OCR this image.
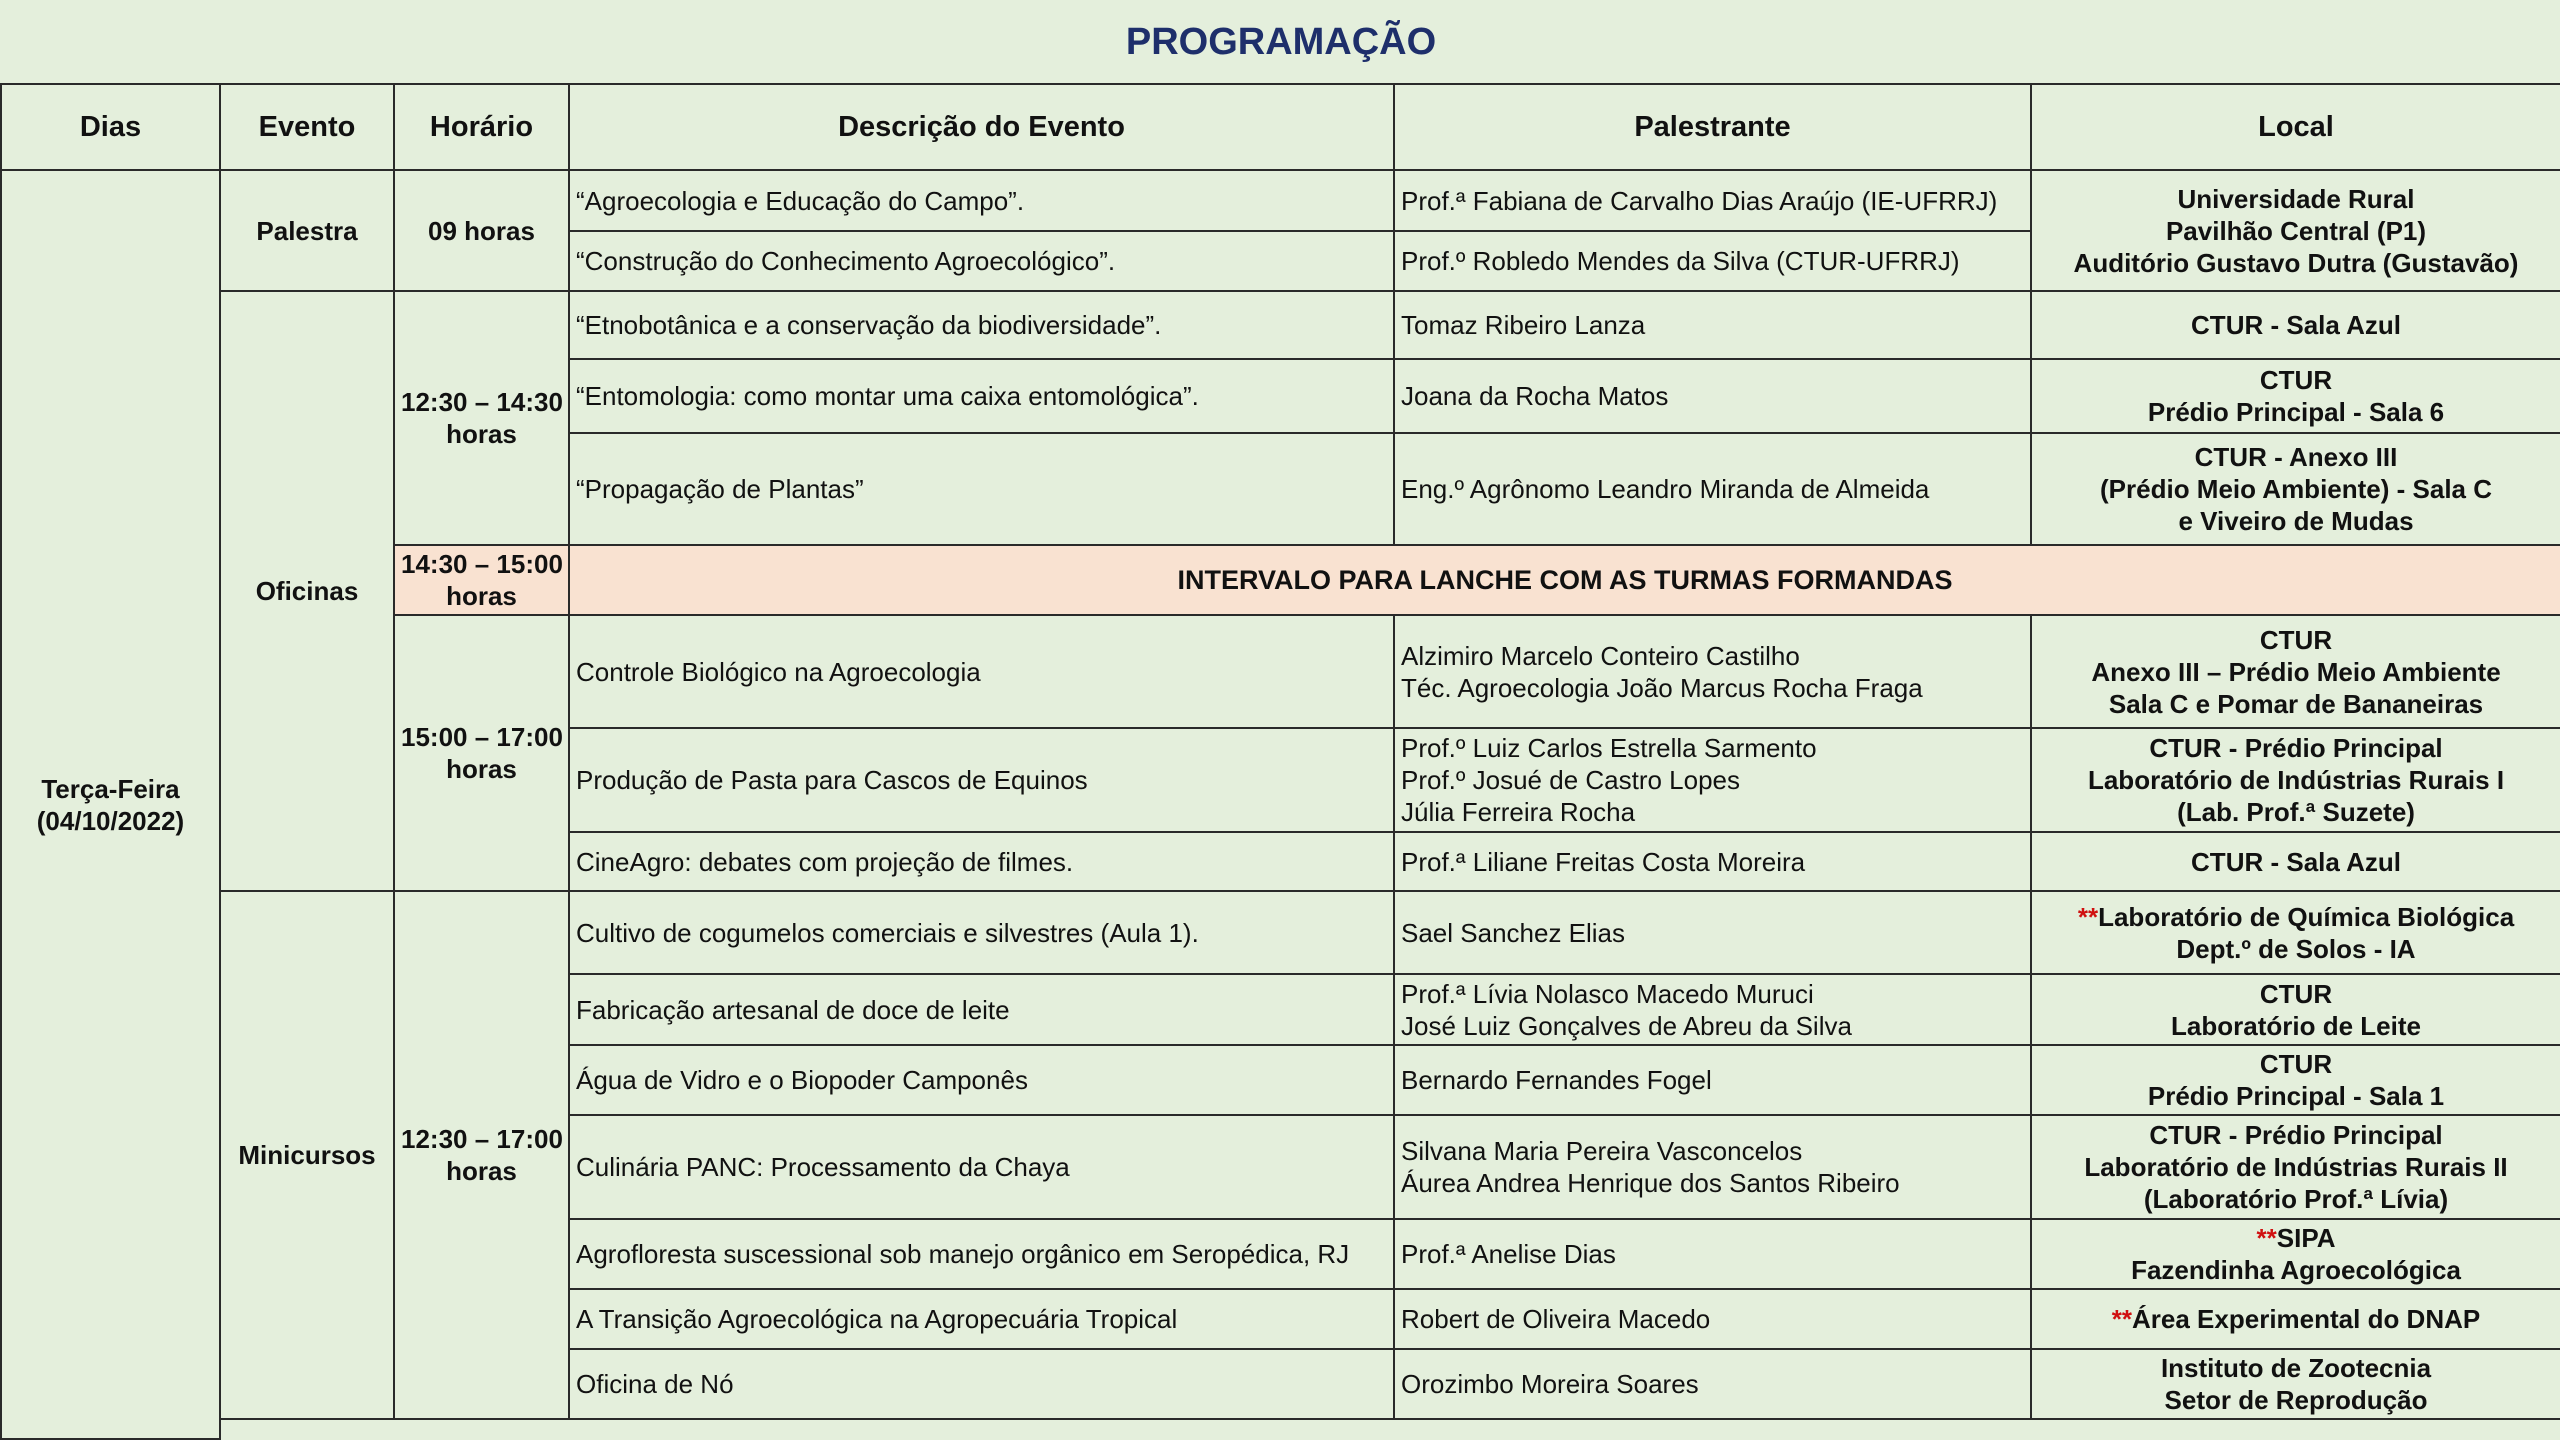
PROGRAMAÇÃO					
Dias	Evento	Horário	Descrição do Evento	Palestrante	Local

Terça-Feira
(04/10/2022)	Palestra	09 horas	“Agroecologia e Educação do Campo”.	Prof.ª Fabiana de Carvalho Dias Araújo (IE-UFRRJ)	Universidade Rural
Pavilhão Central (P1)
Auditório Gustavo Dutra (Gustavão)

			“Construção do Conhecimento Agroecológico”.	Prof.º Robledo Mendes da Silva (CTUR-UFRRJ)	

	Oficinas	12:30 – 14:30
horas	“Etnobotânica e a conservação da biodiversidade”.	Tomaz Ribeiro Lanza	CTUR - Sala Azul

			“Entomologia: como montar uma caixa entomológica”.	Joana da Rocha Matos	CTUR
Prédio Principal - Sala 6

			“Propagação de Plantas”	Eng.º Agrônomo Leandro Miranda de Almeida	CTUR - Anexo III
(Prédio Meio Ambiente) - Sala C
e Viveiro de Mudas

		14:30 – 15:00
horas	INTERVALO PARA LANCHE COM AS TURMAS FORMANDAS		

		15:00 – 17:00
horas	Controle Biológico na Agroecologia	Alzimiro Marcelo Conteiro Castilho
Téc. Agroecologia João Marcus Rocha Fraga	CTUR
Anexo III – Prédio Meio Ambiente
Sala C e Pomar de Bananeiras

			Produção de Pasta para Cascos de Equinos	Prof.º Luiz Carlos Estrella Sarmento
Prof.º Josué de Castro Lopes
Júlia Ferreira Rocha	CTUR - Prédio Principal
Laboratório de Indústrias Rurais I
(Lab. Prof.ª Suzete)

			CineAgro: debates com projeção de filmes.	Prof.ª Liliane Freitas Costa Moreira	CTUR - Sala Azul

	Minicursos	12:30 – 17:00
horas	Cultivo de cogumelos comerciais e silvestres (Aula 1).	Sael Sanchez Elias	**Laboratório de Química Biológica
Dept.º de Solos - IA

			Fabricação artesanal de doce de leite	Prof.ª Lívia Nolasco Macedo Muruci
José Luiz Gonçalves de Abreu da Silva	CTUR
Laboratório de Leite

			Água de Vidro e o Biopoder Camponês	Bernardo Fernandes Fogel	CTUR
Prédio Principal - Sala 1

			Culinária PANC: Processamento da Chaya	Silvana Maria Pereira Vasconcelos
Áurea Andrea Henrique dos Santos Ribeiro	CTUR - Prédio Principal
Laboratório de Indústrias Rurais II
(Laboratório Prof.ª Lívia)

			Agrofloresta suscessional sob manejo orgânico em Seropédica, RJ	Prof.ª Anelise Dias	**SIPA
Fazendinha Agroecológica

			A Transição Agroecológica na Agropecuária Tropical	Robert de Oliveira Macedo	**Área Experimental do DNAP

			Oficina de Nó	Orozimbo Moreira Soares	Instituto de Zootecnia
Setor de Reprodução
